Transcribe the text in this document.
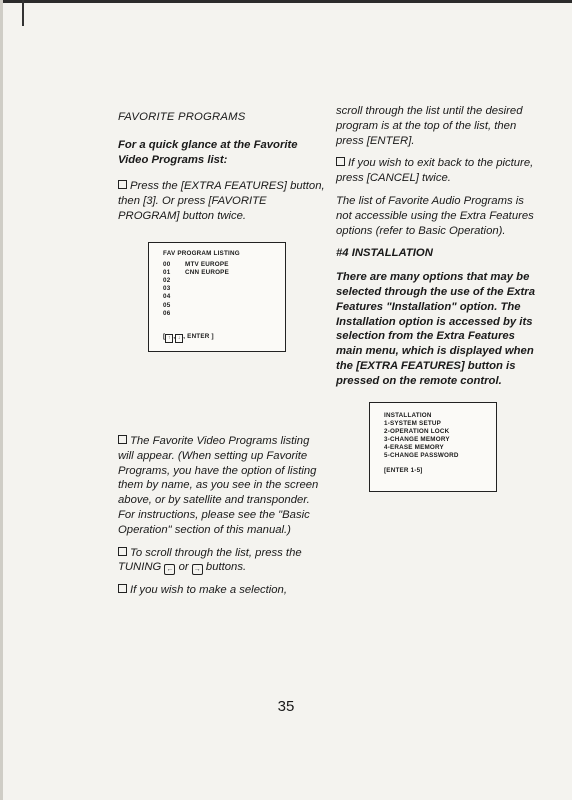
FAVORITE PROGRAMS

For a quick glance at the Favorite Video Programs list:

Press the [EXTRA FEATURES] button, then [3]. Or press [FAVORITE PROGRAM] button twice.

FAV PROGRAM LISTING
00	MTV EUROPE
01	CNN EUROPE
02
03
04
05
06
[ ↑ , ↓ , ENTER ]

The Favorite Video Programs listing will appear. (When setting up Favorite Programs, you have the option of listing them by name, as you see in the screen above, or by satellite and transponder. For instructions, please see the "Basic Operation" section of this manual.)

To scroll through the list, press the TUNING ← or → buttons.

If you wish to make a selection,

scroll through the list until the desired program is at the top of the list, then press [ENTER].

If you wish to exit back to the picture, press [CANCEL] twice.

The list of Favorite Audio Programs is not accessible using the Extra Features options (refer to Basic Operation).

#4 INSTALLATION

There are many options that may be selected through the use of the Extra Features "Installation" option. The Installation option is accessed by its selection from the Extra Features main menu, which is displayed when the [EXTRA FEATURES] button is pressed on the remote control.

INSTALLATION
1-SYSTEM SETUP
2-OPERATION LOCK
3-CHANGE MEMORY
4-ERASE MEMORY
5-CHANGE PASSWORD
[ENTER 1-5]
35
